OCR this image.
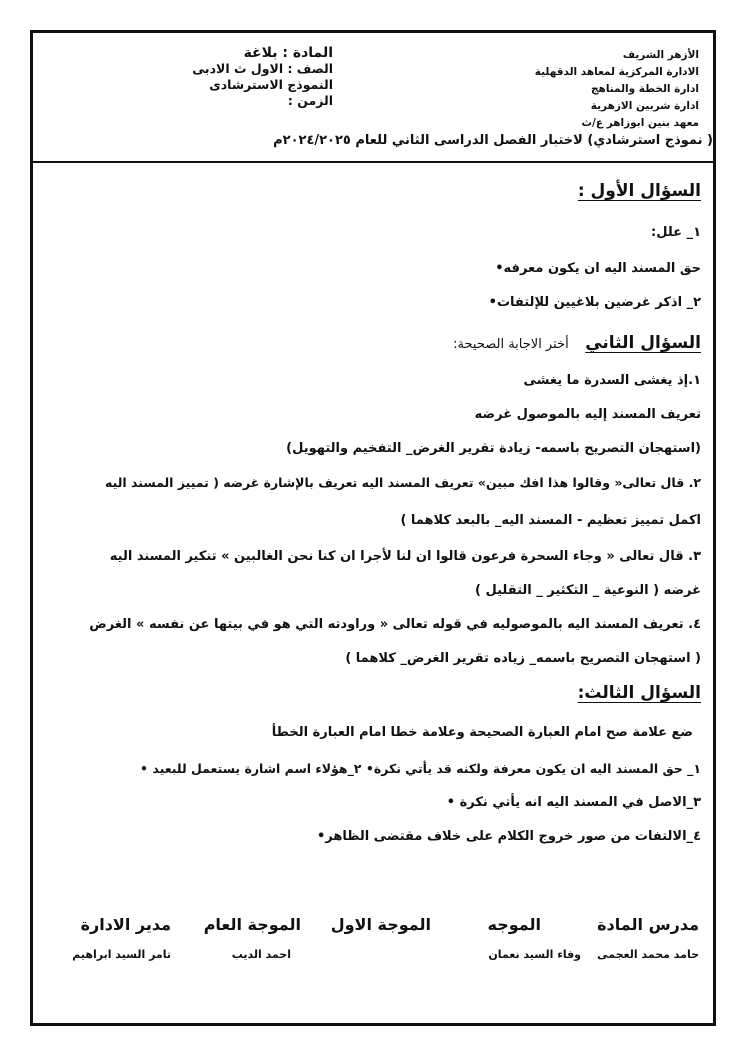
الأزهر الشريف
الادارة المركزية لمعاهد الدقهلية
ادارة الخطة والمناهج
ادارة شربين الازهرية
معهد بنين ابوزاهر ع/ث
المادة : بلاغة
الصف : الاول ث الادبى
النموذج الاسترشادى
الزمن :
( نموذج استرشادي) لاختبار الفصل الدراسى الثاني للعام ٢٠٢٤/٢٠٢٥م
السؤال الأول :
١_ علل:
حق المسند اليه ان يكون معرفه•
٢_ اذكر غرضين بلاغيين للإلتفات•
السؤال الثاني أختر الاجابة الصحيحة:
١.إذ يغشى السدرة ما يغشى
تعريف المسند إليه بالموصول غرضه
(استهجان التصريح باسمه- زيادة تقرير الغرض_ التفخيم والتهويل)
٢. قال تعالى« وقالوا هذا افك مبين» تعريف المسند اليه تعريف بالإشارة غرضه ( تمييز المسند اليه
اكمل تمييز تعظيم - المسند اليه_ بالبعد كلاهما )
٣. قال تعالى « وجاء السحرة فرعون قالوا ان لنا لأجرا ان كنا نحن الغالبين » تنكير المسند اليه
غرضه ( النوعية _ التكثير _ التقليل )
٤. تعريف المسند اليه بالموصوليه في قوله تعالى « وراودته التي هو في بيتها عن نفسه » الغرض
( استهجان التصريح باسمه_ زياده تقرير الغرض_ كلاهما )
السؤال الثالث:
ضع علامة صح امام العبارة الصحيحة وعلامة خطا امام العبارة الخطأ
١_ حق المسند اليه ان يكون معرفة ولكنه قد يأتي نكرة• ٢_هؤلاء اسم اشارة يستعمل للبعيد •
٣_الاصل في المسند اليه انه يأتي نكرة •
٤_الالتفات من صور خروج الكلام على خلاف مقتضى الظاهر•
مدرس المادة
الموجه
الموجة الاول
الموجة العام
مدير الادارة
حامد محمد العجمى
وفاء السيد نعمان
احمد الديب
تامر السيد ابراهيم
